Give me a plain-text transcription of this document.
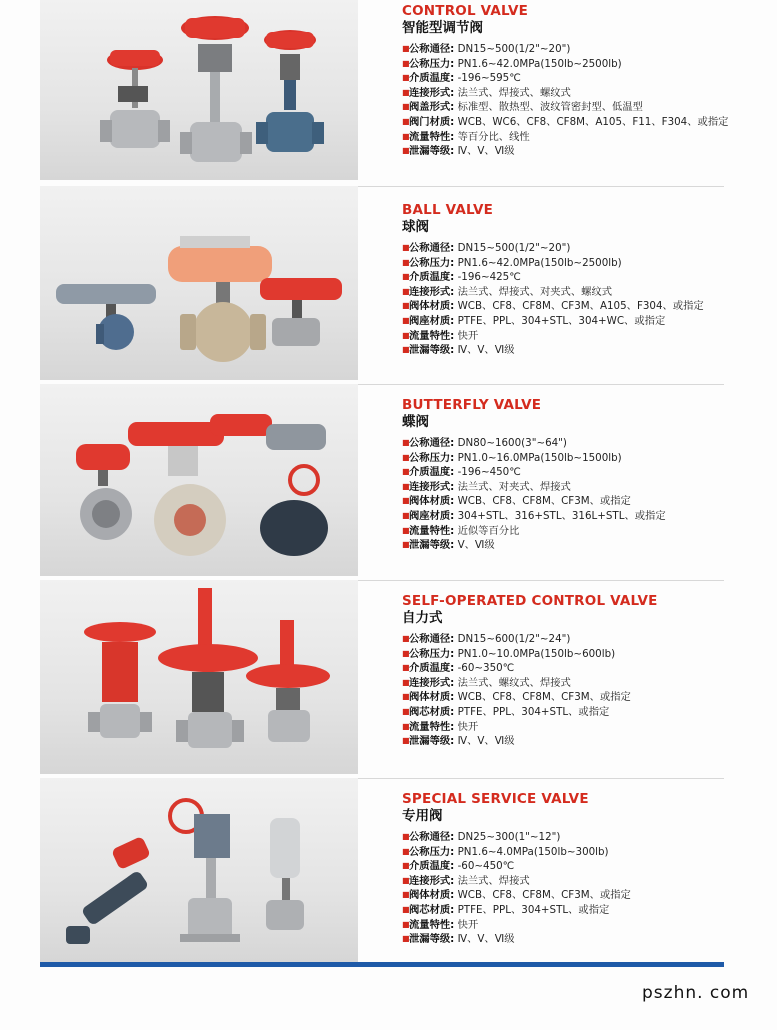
CONTROL VALVE
智能型调节阀
■公称通径: DN15~500(1/2"~20")
■公称压力: PN1.6~42.0MPa(150lb~2500lb)
■介质温度: -196~595℃
■连接形式: 法兰式、焊接式、螺纹式
■阀盖形式: 标准型、散热型、波纹管密封型、低温型
■阀门材质: WCB、WC6、CF8、CF8M、A105、F11、F304、或指定
■流量特性: 等百分比、线性
■泄漏等级: Ⅳ、Ⅴ、Ⅵ级
BALL VALVE
球阀
■公称通径: DN15~500(1/2"~20")
■公称压力: PN1.6~42.0MPa(150lb~2500lb)
■介质温度: -196~425℃
■连接形式: 法兰式、焊接式、对夹式、螺纹式
■阀体材质: WCB、CF8、CF8M、CF3M、A105、F304、或指定
■阀座材质: PTFE、PPL、304+STL、304+WC、或指定
■流量特性: 快开
■泄漏等级: Ⅳ、Ⅴ、Ⅵ级
BUTTERFLY VALVE
蝶阀
■公称通径: DN80~1600(3"~64")
■公称压力: PN1.0~16.0MPa(150lb~1500lb)
■介质温度: -196~450℃
■连接形式: 法兰式、对夹式、焊接式
■阀体材质: WCB、CF8、CF8M、CF3M、或指定
■阀座材质: 304+STL、316+STL、316L+STL、或指定
■流量特性: 近似等百分比
■泄漏等级: Ⅴ、Ⅵ级
SELF-OPERATED CONTROL VALVE
自力式
■公称通径: DN15~600(1/2"~24")
■公称压力: PN1.0~10.0MPa(150lb~600lb)
■介质温度: -60~350℃
■连接形式: 法兰式、螺纹式、焊接式
■阀体材质: WCB、CF8、CF8M、CF3M、或指定
■阀芯材质: PTFE、PPL、304+STL、或指定
■流量特性: 快开
■泄漏等级: Ⅳ、Ⅴ、Ⅵ级
SPECIAL SERVICE VALVE
专用阀
■公称通径: DN25~300(1"~12")
■公称压力: PN1.6~4.0MPa(150lb~300lb)
■介质温度: -60~450℃
■连接形式: 法兰式、焊接式
■阀体材质: WCB、CF8、CF8M、CF3M、或指定
■阀芯材质: PTFE、PPL、304+STL、或指定
■流量特性: 快开
■泄漏等级: Ⅳ、Ⅴ、Ⅵ级
pszhn. com
